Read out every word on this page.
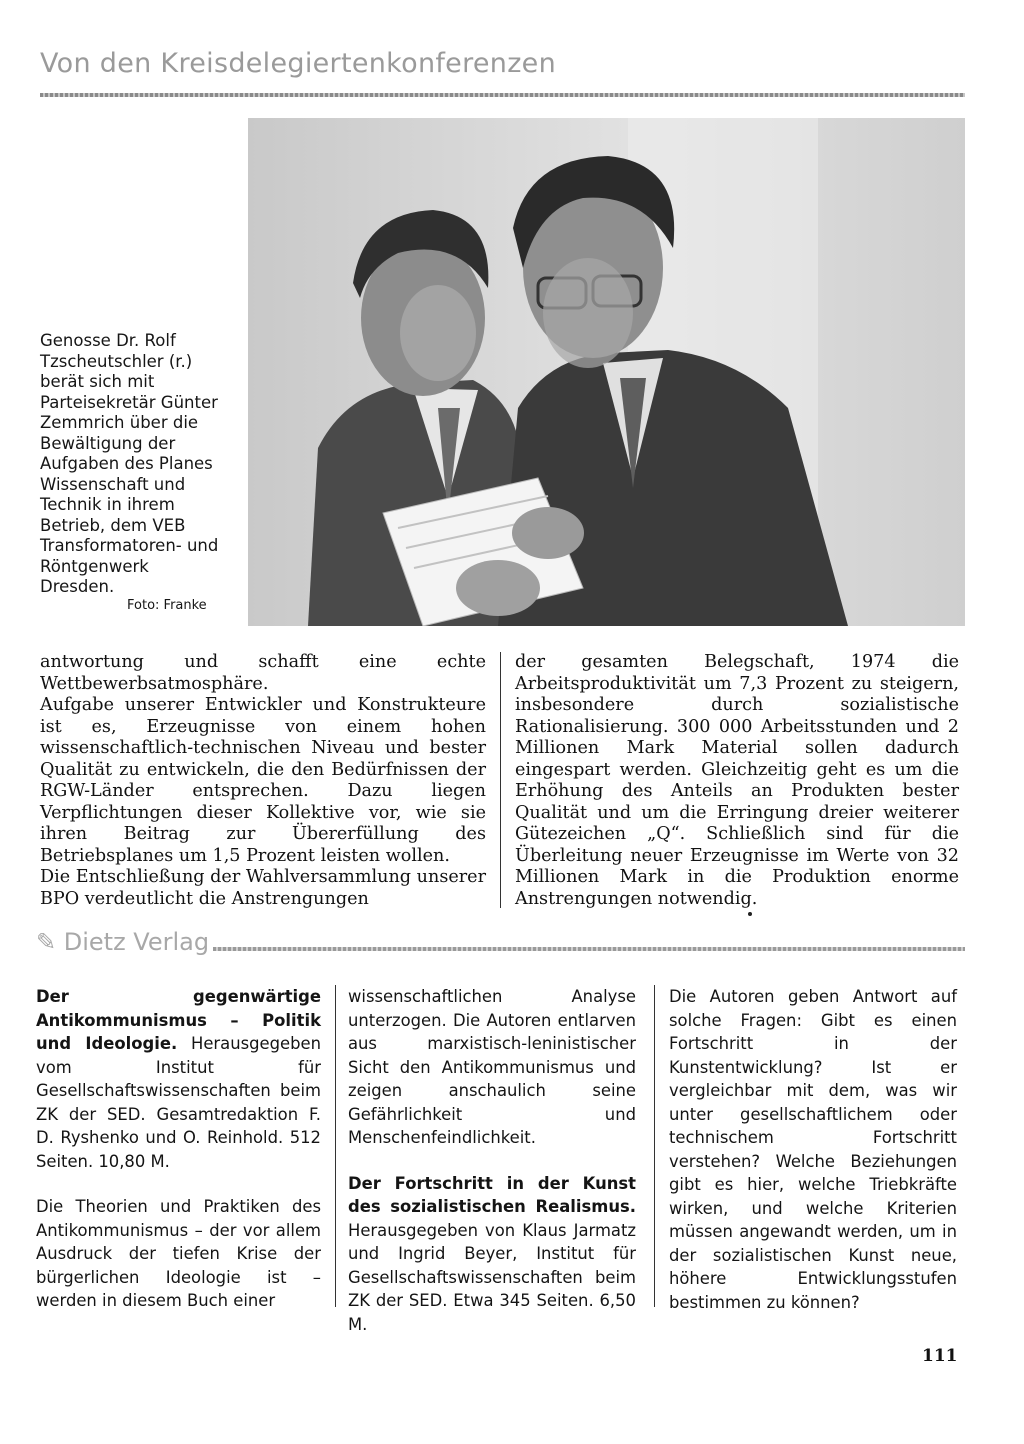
Von den Kreisdelegiertenkonferenzen
Genosse Dr. Rolf Tzscheutschler (r.) berät sich mit Parteisekretär Günter Zemmrich über die Bewältigung der Aufgaben des Planes Wissenschaft und Technik in ihrem Betrieb, dem VEB Transformatoren- und Röntgenwerk Dresden.
Foto: Franke

antwortung und schafft eine echte Wettbewerbsatmosphäre.

Aufgabe unserer Entwickler und Konstrukteure ist es, Erzeugnisse von einem hohen wissenschaftlich-technischen Niveau und bester Qualität zu entwickeln, die den Bedürfnissen der RGW-Länder entsprechen. Dazu liegen Verpflichtungen dieser Kollektive vor, wie sie ihren Beitrag zur Übererfüllung des Betriebsplanes um 1,5 Prozent leisten wollen.

Die Entschließung der Wahlversammlung unserer BPO verdeutlicht die Anstrengungen

der gesamten Belegschaft, 1974 die Arbeitsproduktivität um 7,3 Prozent zu steigern, insbesondere durch sozialistische Rationalisierung. 300 000 Arbeitsstunden und 2 Millionen Mark Material sollen dadurch eingespart werden. Gleichzeitig geht es um die Erhöhung des Anteils an Produkten bester Qualität und um die Erringung dreier weiterer Gütezeichen „Q“. Schließlich sind für die Überleitung neuer Erzeugnisse im Werte von 32 Millionen Mark in die Produktion enorme Anstrengungen notwendig.

✎ Dietz Verlag

Der gegenwärtige Antikommunismus – Politik und Ideologie. Herausgegeben vom Institut für Gesellschaftswissenschaften beim ZK der SED. Gesamtredaktion F. D. Ryshenko und O. Reinhold. 512 Seiten. 10,80 M.

Die Theorien und Praktiken des Antikommunismus – der vor allem Ausdruck der tiefen Krise der bürgerlichen Ideologie ist – werden in diesem Buch einer

wissenschaftlichen Analyse unterzogen. Die Autoren entlarven aus marxistisch-leninistischer Sicht den Antikommunismus und zeigen anschaulich seine Gefährlichkeit und Menschenfeindlichkeit.

Der Fortschritt in der Kunst des sozialistischen Realismus. Herausgegeben von Klaus Jarmatz und Ingrid Beyer, Institut für Gesellschaftswissenschaften beim ZK der SED. Etwa 345 Seiten. 6,50 M.

Die Autoren geben Antwort auf solche Fragen: Gibt es einen Fortschritt in der Kunstentwicklung? Ist er vergleichbar mit dem, was wir unter gesellschaftlichem oder technischem Fortschritt verstehen? Welche Beziehungen gibt es hier, welche Triebkräfte wirken, und welche Kriterien müssen angewandt werden, um in der sozialistischen Kunst neue, höhere Entwicklungsstufen bestimmen zu können?

111
